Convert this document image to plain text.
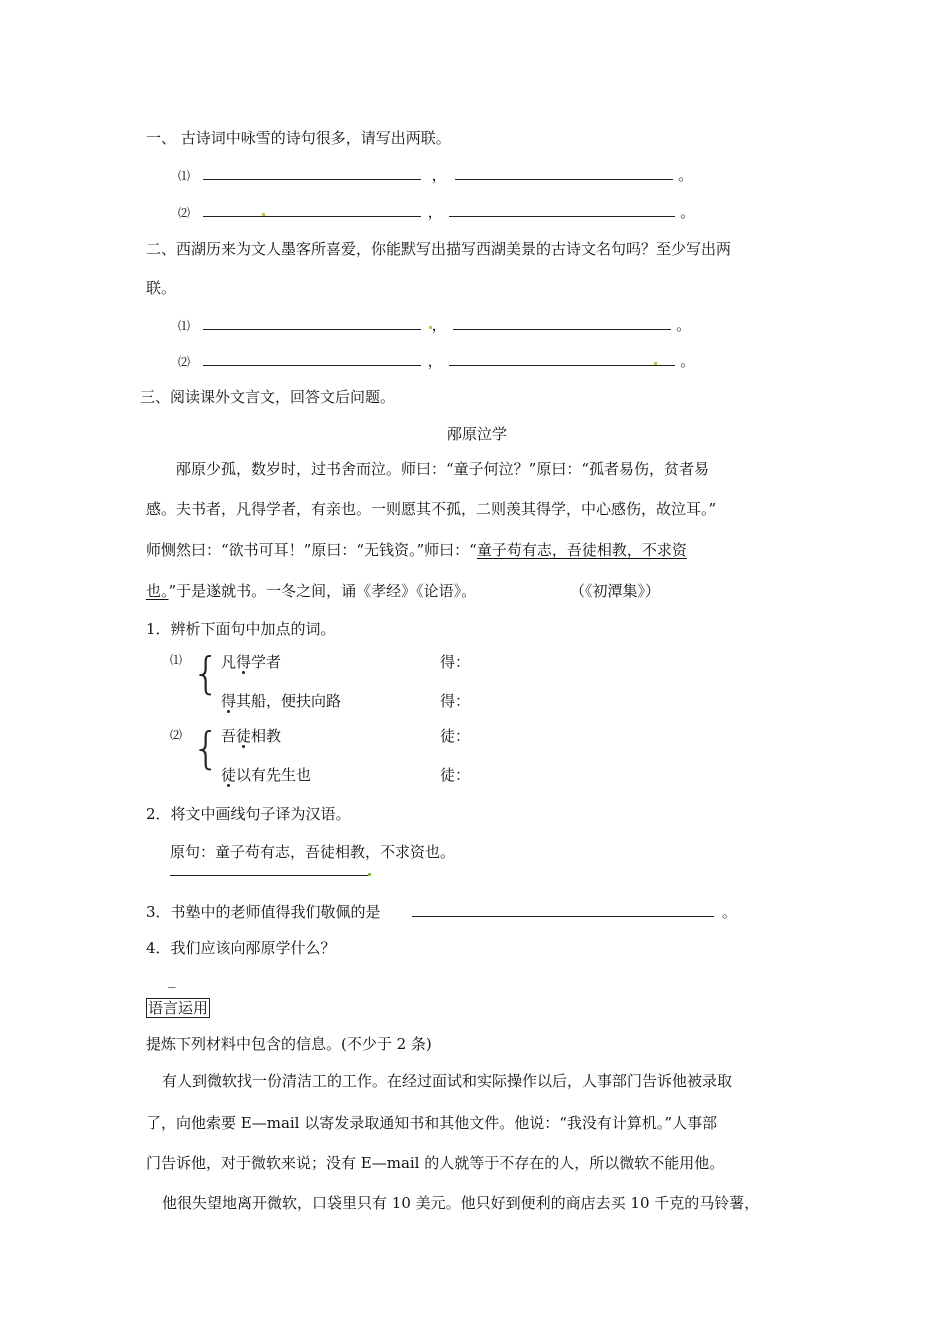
一、 古诗词中咏雪的诗句很多，请写出两联。
⑴	，	。
⑵	，	。
二、西湖历来为文人墨客所喜爱，你能默写出描写西湖美景的古诗文名句吗？至少写出两
联。
⑴	，	。
⑵	，	。
三、阅读课外文言文，回答文后问题。
邴原泣学
邴原少孤，数岁时，过书舍而泣。师曰：“童子何泣？”原曰：“孤者易伤，贫者易
感。夫书者，凡得学者，有亲也。一则愿其不孤，二则羡其得学，中心感伤，故泣耳。”
师恻然曰：“欲书可耳！”原曰：“无钱资。”师曰：“童子苟有志，吾徒相教，不求资
也。”于是遂就书。一冬之间，诵《孝经》《论语》。	（《初潭集》）
1．辨析下面句中加点的词。
⑴ { 凡得学者	得：
得其船，便扶向路	得：
⑵ { 吾徒相教	徒：
徒以有先生也	徒：
2．将文中画线句子译为汉语。
原句：童子苟有志，吾徒相教，不求资也。
3．书塾中的老师值得我们敬佩的是	。
4．我们应该向邴原学什么？
_
语言运用
提炼下列材料中包含的信息。(不少于 2 条)
有人到微软找一份清洁工的工作。在经过面试和实际操作以后，人事部门告诉他被录取
了，向他索要 E—mail 以寄发录取通知书和其他文件。他说：“我没有计算机。”人事部
门告诉他，对于微软来说；没有 E—mail 的人就等于不存在的人，所以微软不能用他。
他很失望地离开微软，口袋里只有 10 美元。他只好到便利的商店去买 10 千克的马铃薯，
